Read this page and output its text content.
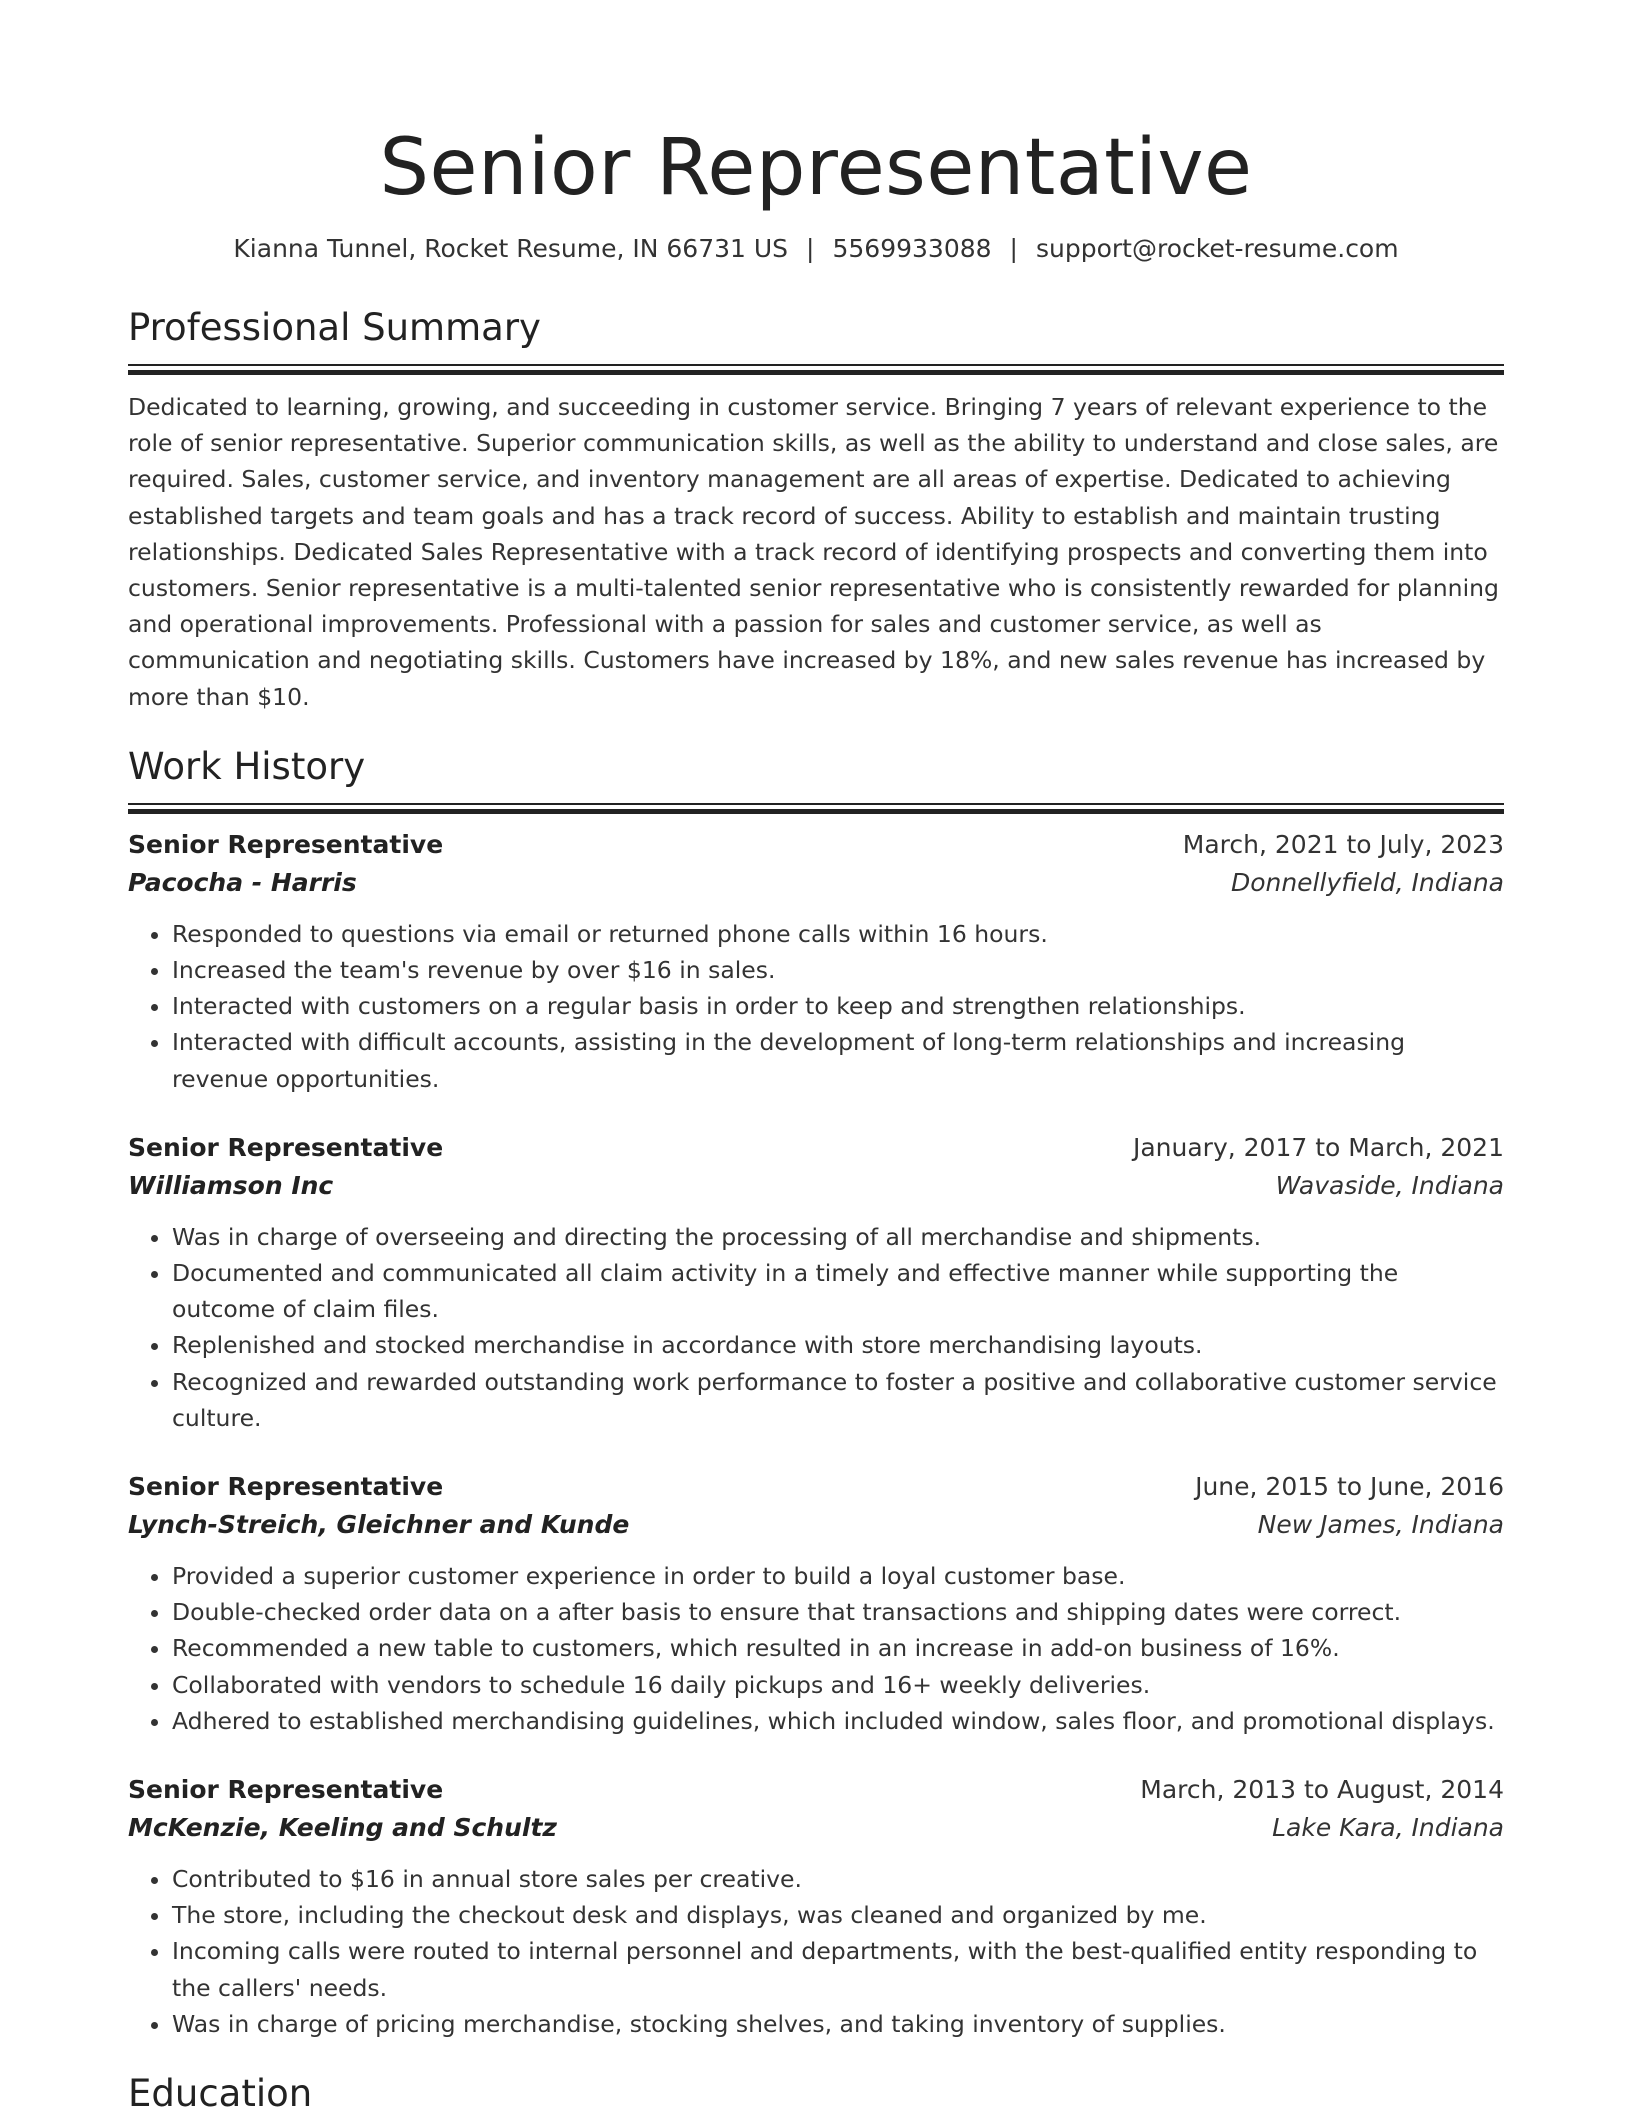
Senior Representative
Kianna Tunnel, Rocket Resume, IN 66731 US | 5569933088 | support@rocket-resume.com
Professional Summary

Dedicated to learning, growing, and succeeding in customer service. Bringing 7 years of relevant experience to the role of senior representative. Superior communication skills, as well as the ability to understand and close sales, are required. Sales, customer service, and inventory management are all areas of expertise. Dedicated to achieving established targets and team goals and has a track record of success. Ability to establish and maintain trusting relationships. Dedicated Sales Representative with a track record of identifying prospects and converting them into customers. Senior representative is a multi-talented senior representative who is consistently rewarded for planning and operational improvements. Professional with a passion for sales and customer service, as well as communication and negotiating skills. Customers have increased by 18%, and new sales revenue has increased by more than $10.

Work History
Senior Representative	March, 2021 to July, 2023
Pacocha - Harris	Donnellyfield, Indiana
• Responded to questions via email or returned phone calls within 16 hours.
• Increased the team's revenue by over $16 in sales.
• Interacted with customers on a regular basis in order to keep and strengthen relationships.
• Interacted with difficult accounts, assisting in the development of long-term relationships and increasing revenue opportunities.
Senior Representative	January, 2017 to March, 2021
Williamson Inc	Wavaside, Indiana
• Was in charge of overseeing and directing the processing of all merchandise and shipments.
• Documented and communicated all claim activity in a timely and effective manner while supporting the outcome of claim files.
• Replenished and stocked merchandise in accordance with store merchandising layouts.
• Recognized and rewarded outstanding work performance to foster a positive and collaborative customer service culture.
Senior Representative	June, 2015 to June, 2016
Lynch-Streich, Gleichner and Kunde	New James, Indiana
• Provided a superior customer experience in order to build a loyal customer base.
• Double-checked order data on a after basis to ensure that transactions and shipping dates were correct.
• Recommended a new table to customers, which resulted in an increase in add-on business of 16%.
• Collaborated with vendors to schedule 16 daily pickups and 16+ weekly deliveries.
• Adhered to established merchandising guidelines, which included window, sales floor, and promotional displays.
Senior Representative	March, 2013 to August, 2014
McKenzie, Keeling and Schultz	Lake Kara, Indiana
• Contributed to $16 in annual store sales per creative.
• The store, including the checkout desk and displays, was cleaned and organized by me.
• Incoming calls were routed to internal personnel and departments, with the best-qualified entity responding to the callers' needs.
• Was in charge of pricing merchandise, stocking shelves, and taking inventory of supplies.
Education
